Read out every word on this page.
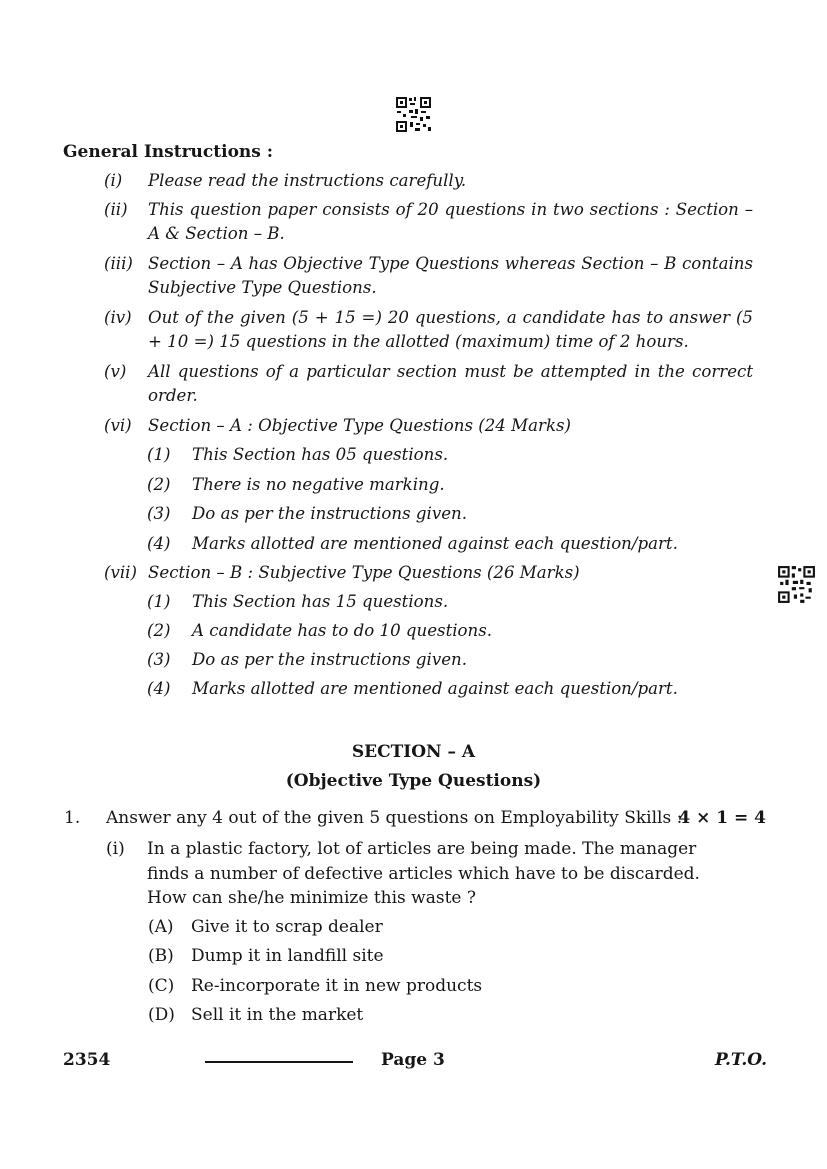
General Instructions :
(i) Please read the instructions carefully.
(ii) This question paper consists of 20 questions in two sections : Section – A & Section – B.
(iii) Section – A has Objective Type Questions whereas Section – B contains Subjective Type Questions.
(iv) Out of the given (5 + 15 =) 20 questions, a candidate has to answer (5 + 10 =) 15 questions in the allotted (maximum) time of 2 hours.
(v) All questions of a particular section must be attempted in the correct order.
(vi) Section – A : Objective Type Questions (24 Marks)
(1) This Section has 05 questions.
(2) There is no negative marking.
(3) Do as per the instructions given.
(4) Marks allotted are mentioned against each question/part.
(vii) Section – B : Subjective Type Questions (26 Marks)
(1) This Section has 15 questions.
(2) A candidate has to do 10 questions.
(3) Do as per the instructions given.
(4) Marks allotted are mentioned against each question/part.
SECTION – A
(Objective Type Questions)
1. Answer any 4 out of the given 5 questions on Employability Skills :
4 × 1 = 4
(i) In a plastic factory, lot of articles are being made. The manager finds a number of defective articles which have to be discarded. How can she/he minimize this waste ?
(A) Give it to scrap dealer
(B) Dump it in landfill site
(C) Re-incorporate it in new products
(D) Sell it in the market
2354	Page 3	P.T.O.
